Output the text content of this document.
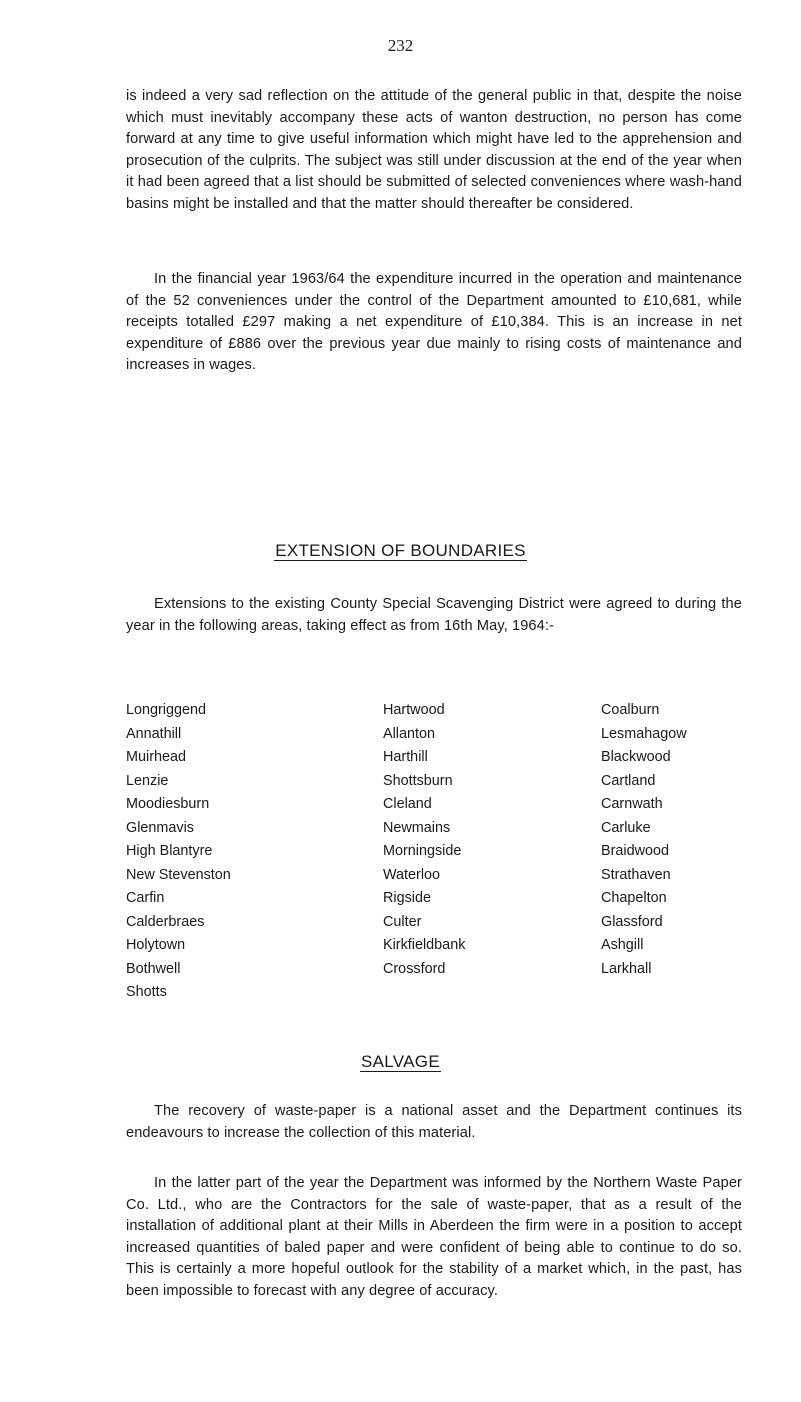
232

is indeed a very sad reflection on the attitude of the general public in that, despite the noise which must inevitably accompany these acts of wanton destruction, no person has come forward at any time to give useful information which might have led to the apprehension and prosecution of the culprits. The subject was still under discussion at the end of the year when it had been agreed that a list should be submitted of selected conveniences where wash-hand basins might be installed and that the matter should thereafter be considered.

In the financial year 1963/64 the expenditure incurred in the operation and maintenance of the 52 conveniences under the control of the Department amounted to £10,681, while receipts totalled £297 making a net expenditure of £10,384. This is an increase in net expenditure of £886 over the previous year due mainly to rising costs of maintenance and increases in wages.

EXTENSION OF BOUNDARIES

Extensions to the existing County Special Scavenging District were agreed to during the year in the following areas, taking effect as from 16th May, 1964:-

Longriggend
Annathill
Muirhead
Lenzie
Moodiesburn
Glenmavis
High Blantyre
New Stevenston
Carfin
Calderbraes
Holytown
Bothwell
Shotts
Hartwood
Allanton
Harthill
Shottsburn
Cleland
Newmains
Morningside
Waterloo
Rigside
Culter
Kirkfieldbank
Crossford
Coalburn
Lesmahagow
Blackwood
Cartland
Carnwath
Carluke
Braidwood
Strathaven
Chapelton
Glassford
Ashgill
Larkhall
SALVAGE

The recovery of waste-paper is a national asset and the Department continues its endeavours to increase the collection of this material.

In the latter part of the year the Department was informed by the Northern Waste Paper Co. Ltd., who are the Contractors for the sale of waste-paper, that as a result of the installation of additional plant at their Mills in Aberdeen the firm were in a position to accept increased quantities of baled paper and were confident of being able to continue to do so. This is certainly a more hopeful outlook for the stability of a market which, in the past, has been impossible to forecast with any degree of accuracy.
